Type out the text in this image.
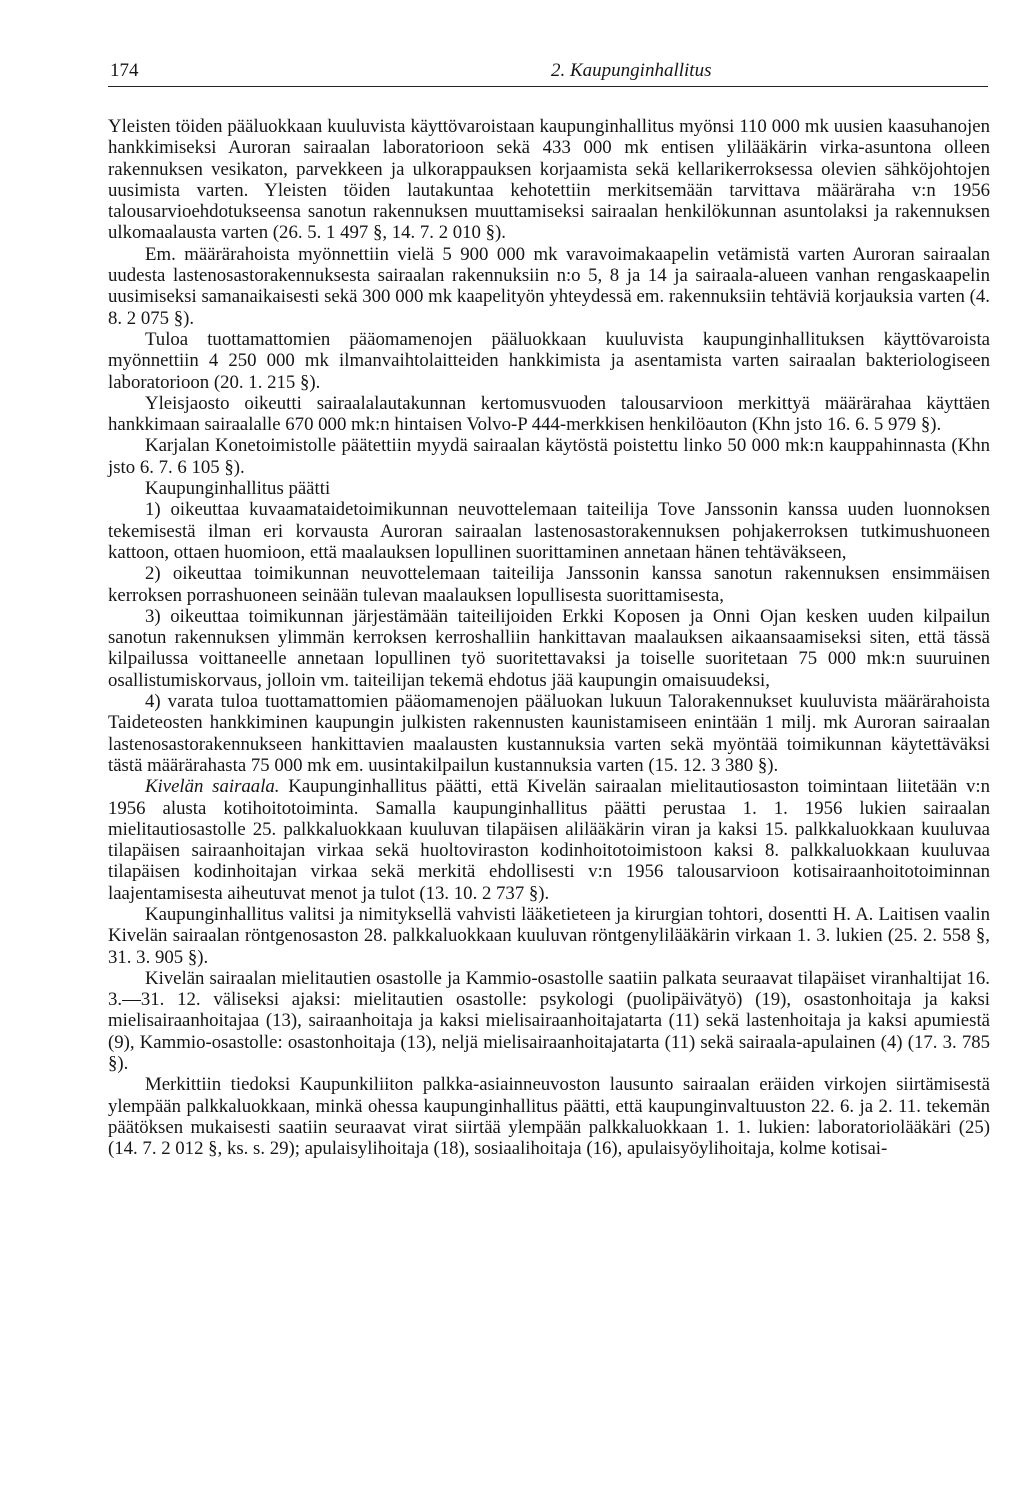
174	2. Kaupunginhallitus

Yleisten töiden pääluokkaan kuuluvista käyttövaroistaan kaupunginhallitus myönsi 110 000 mk uusien kaasuhanojen hankkimiseksi Auroran sairaalan laboratorioon sekä 433 000 mk entisen ylilääkärin virka-asuntona olleen rakennuksen vesikaton, parvekkeen ja ulkorappauksen korjaamista sekä kellarikerroksessa olevien sähköjohtojen uusimista varten. Yleisten töiden lautakuntaa kehotettiin merkitsemään tarvittava määräraha v:n 1956 talousarvioehdotukseensa sanotun rakennuksen muuttamiseksi sairaalan henkilökunnan asuntolaksi ja rakennuksen ulkomaalausta varten (26. 5. 1 497 §, 14. 7. 2 010 §).

Em. määrärahoista myönnettiin vielä 5 900 000 mk varavoimakaapelin vetämistä varten Auroran sairaalan uudesta lastenosastorakennuksesta sairaalan rakennuksiin n:o 5, 8 ja 14 ja sairaala-alueen vanhan rengaskaapelin uusimiseksi samanaikaisesti sekä 300 000 mk kaapelityön yhteydessä em. rakennuksiin tehtäviä korjauksia varten (4. 8. 2 075 §).

Tuloa tuottamattomien pääomamenojen pääluokkaan kuuluvista kaupunginhallituksen käyttövaroista myönnettiin 4 250 000 mk ilmanvaihtolaitteiden hankkimista ja asentamista varten sairaalan bakteriologiseen laboratorioon (20. 1. 215 §).

Yleisjaosto oikeutti sairaalalautakunnan kertomusvuoden talousarvioon merkittyä määrärahaa käyttäen hankkimaan sairaalalle 670 000 mk:n hintaisen Volvo-P 444-merkkisen henkilöauton (Khn jsto 16. 6. 5 979 §).

Karjalan Konetoimistolle päätettiin myydä sairaalan käytöstä poistettu linko 50 000 mk:n kauppahinnasta (Khn jsto 6. 7. 6 105 §).

Kaupunginhallitus päätti

1) oikeuttaa kuvaamataidetoimikunnan neuvottelemaan taiteilija Tove Janssonin kanssa uuden luonnoksen tekemisestä ilman eri korvausta Auroran sairaalan lastenosastorakennuksen pohjakerroksen tutkimushuoneen kattoon, ottaen huomioon, että maalauksen lopullinen suorittaminen annetaan hänen tehtäväkseen,

2) oikeuttaa toimikunnan neuvottelemaan taiteilija Janssonin kanssa sanotun rakennuksen ensimmäisen kerroksen porrashuoneen seinään tulevan maalauksen lopullisesta suorittamisesta,

3) oikeuttaa toimikunnan järjestämään taiteilijoiden Erkki Koposen ja Onni Ojan kesken uuden kilpailun sanotun rakennuksen ylimmän kerroksen kerroshalliin hankittavan maalauksen aikaansaamiseksi siten, että tässä kilpailussa voittaneelle annetaan lopullinen työ suoritettavaksi ja toiselle suoritetaan 75 000 mk:n suuruinen osallistumiskorvaus, jolloin vm. taiteilijan tekemä ehdotus jää kaupungin omaisuudeksi,

4) varata tuloa tuottamattomien pääomamenojen pääluokan lukuun Talorakennukset kuuluvista määrärahoista Taideteosten hankkiminen kaupungin julkisten rakennusten kaunistamiseen enintään 1 milj. mk Auroran sairaalan lastenosastorakennukseen hankittavien maalausten kustannuksia varten sekä myöntää toimikunnan käytettäväksi tästä määrärahasta 75 000 mk em. uusintakilpailun kustannuksia varten (15. 12. 3 380 §).

Kivelän sairaala. Kaupunginhallitus päätti, että Kivelän sairaalan mielitautiosaston toimintaan liitetään v:n 1956 alusta kotihoitotoiminta. Samalla kaupunginhallitus päätti perustaa 1. 1. 1956 lukien sairaalan mielitautiosastolle 25. palkkaluokkaan kuuluvan tilapäisen alilääkärin viran ja kaksi 15. palkkaluokkaan kuuluvaa tilapäisen sairaanhoitajan virkaa sekä huoltoviraston kodinhoitotoimistoon kaksi 8. palkkaluokkaan kuuluvaa tilapäisen kodinhoitajan virkaa sekä merkitä ehdollisesti v:n 1956 talousarvioon kotisairaanhoitotoiminnan laajentamisesta aiheutuvat menot ja tulot (13. 10. 2 737 §).

Kaupunginhallitus valitsi ja nimityksellä vahvisti lääketieteen ja kirurgian tohtori, dosentti H. A. Laitisen vaalin Kivelän sairaalan röntgenosaston 28. palkkaluokkaan kuuluvan röntgenylilääkärin virkaan 1. 3. lukien (25. 2. 558 §, 31. 3. 905 §).

Kivelän sairaalan mielitautien osastolle ja Kammio-osastolle saatiin palkata seuraavat tilapäiset viranhaltijat 16. 3.—31. 12. väliseksi ajaksi: mielitautien osastolle: psykologi (puolipäivätyö) (19), osastonhoitaja ja kaksi mielisairaanhoitajaa (13), sairaanhoitaja ja kaksi mielisairaanhoitajatarta (11) sekä lastenhoitaja ja kaksi apumiestä (9), Kammio-osastolle: osastonhoitaja (13), neljä mielisairaanhoitajatarta (11) sekä sairaala-apulainen (4) (17. 3. 785 §).

Merkittiin tiedoksi Kaupunkiliiton palkka-asiainneuvoston lausunto sairaalan eräiden virkojen siirtämisestä ylempään palkkaluokkaan, minkä ohessa kaupunginhallitus päätti, että kaupunginvaltuuston 22. 6. ja 2. 11. tekemän päätöksen mukaisesti saatiin seuraavat virat siirtää ylempään palkkaluokkaan 1. 1. lukien: laboratoriolääkäri (25) (14. 7. 2 012 §, ks. s. 29); apulaisylihoitaja (18), sosiaalihoitaja (16), apulaisyöylihoitaja, kolme kotisai-
